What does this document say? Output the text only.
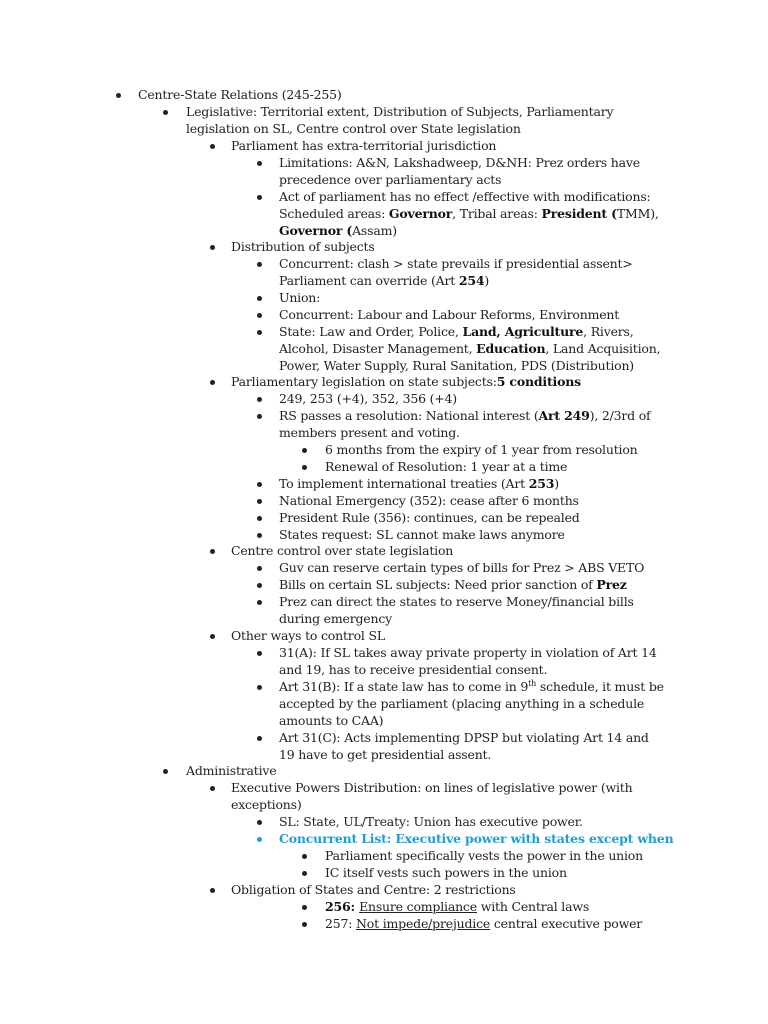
Centre-State Relations (245-255)
Legislative: Territorial extent, Distribution of Subjects, Parliamentary
legislation on SL, Centre control over State legislation
Parliament has extra-territorial jurisdiction
Limitations: A&N, Lakshadweep, D&NH: Prez orders have
precedence over parliamentary acts
Act of parliament has no effect /effective with modifications:
Scheduled areas: Governor, Tribal areas: President (TMM),
Governor (Assam)
Distribution of subjects
Concurrent: clash > state prevails if presidential assent>
Parliament can override (Art 254)
Union:
Concurrent: Labour and Labour Reforms, Environment
State: Law and Order, Police, Land, Agriculture, Rivers,
Alcohol, Disaster Management, Education, Land Acquisition,
Power, Water Supply, Rural Sanitation, PDS (Distribution)
Parliamentary legislation on state subjects:5 conditions
249, 253 (+4), 352, 356 (+4)
RS passes a resolution: National interest (Art 249), 2/3rd of
members present and voting.
6 months from the expiry of 1 year from resolution
Renewal of Resolution: 1 year at a time
To implement international treaties (Art 253)
National Emergency (352): cease after 6 months
President Rule (356): continues, can be repealed
States request: SL cannot make laws anymore
Centre control over state legislation
Guv can reserve certain types of bills for Prez > ABS VETO
Bills on certain SL subjects: Need prior sanction of Prez
Prez can direct the states to reserve Money/financial bills
during emergency
Other ways to control SL
31(A): If SL takes away private property in violation of Art 14
and 19, has to receive presidential consent.
Art 31(B): If a state law has to come in 9th schedule, it must be
accepted by the parliament (placing anything in a schedule
amounts to CAA)
Art 31(C): Acts implementing DPSP but violating Art 14 and
19 have to get presidential assent.
Administrative
Executive Powers Distribution: on lines of legislative power (with
exceptions)
SL: State, UL/Treaty: Union has executive power.
Concurrent List: Executive power with states except when
Parliament specifically vests the power in the union
IC itself vests such powers in the union
Obligation of States and Centre: 2 restrictions
256: Ensure compliance with Central laws
257: Not impede/prejudice central executive power
